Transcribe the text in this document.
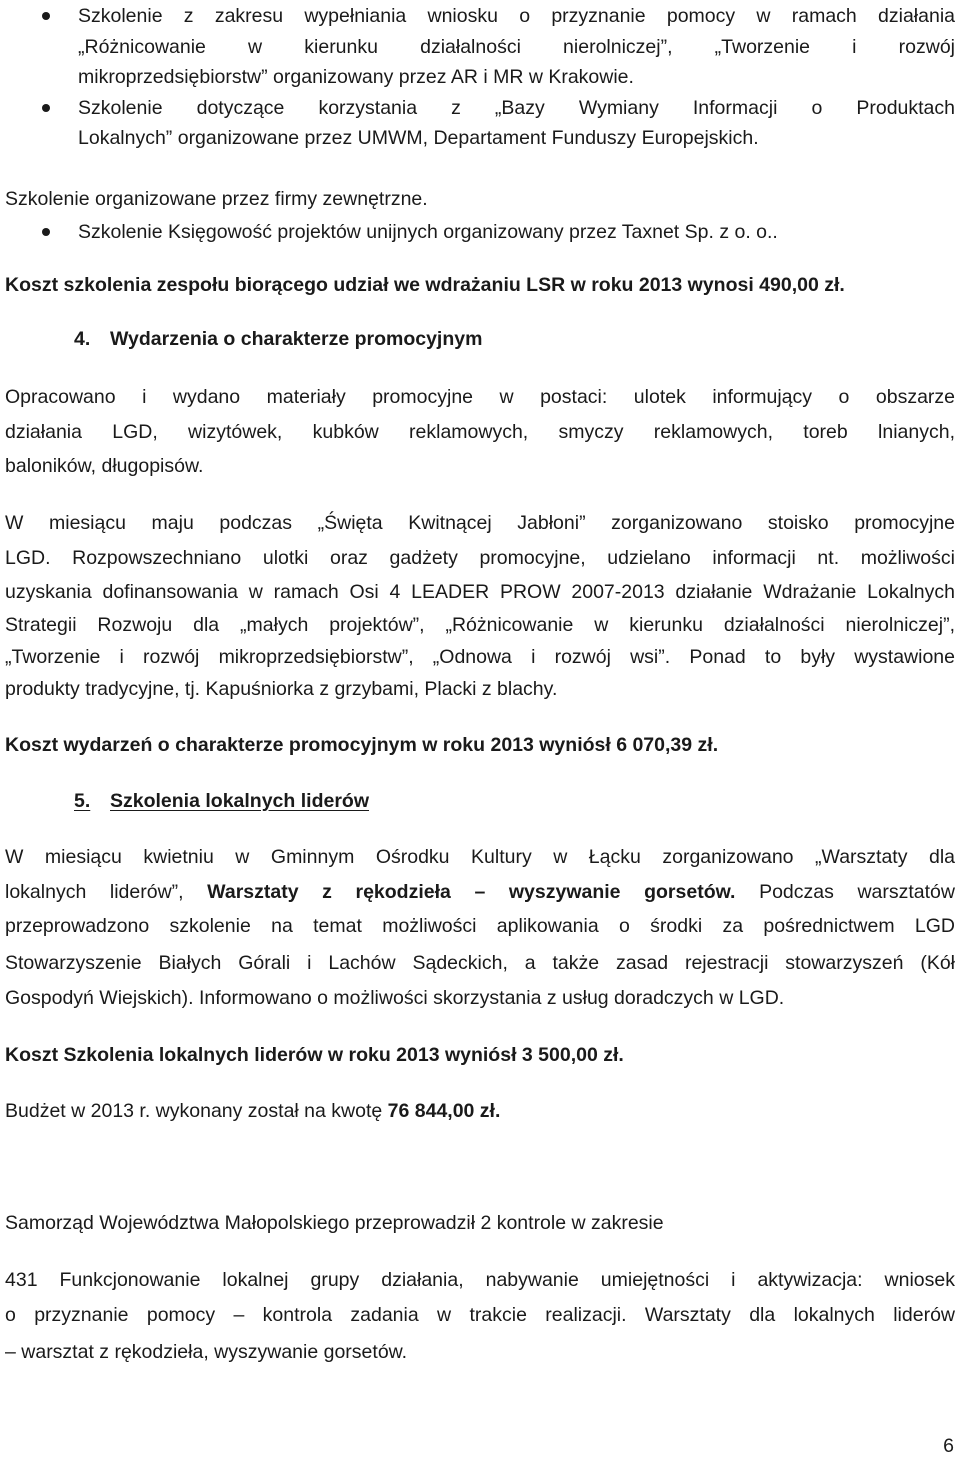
Szkolenie z zakresu wypełniania wniosku o przyznanie pomocy w ramach działania
„Różnicowanie w kierunku działalności nierolniczej”, „Tworzenie i rozwój
mikroprzedsiębiorstw” organizowany przez AR i MR w Krakowie.
Szkolenie dotyczące korzystania z „Bazy Wymiany Informacji o Produktach
Lokalnych” organizowane przez UMWM, Departament Funduszy Europejskich.
Szkolenie organizowane przez firmy zewnętrzne.
Szkolenie Księgowość projektów unijnych organizowany przez Taxnet Sp. z o. o..
Koszt szkolenia zespołu biorącego udział we wdrażaniu LSR w roku 2013 wynosi 490,00 zł.
4.	Wydarzenia o charakterze promocyjnym
Opracowano i wydano materiały promocyjne w postaci: ulotek informujący o obszarze
działania LGD, wizytówek, kubków reklamowych, smyczy reklamowych, toreb lnianych,
baloników, długopisów.
W miesiącu maju podczas „Święta Kwitnącej Jabłoni” zorganizowano stoisko promocyjne
LGD. Rozpowszechniano ulotki oraz gadżety promocyjne, udzielano informacji nt. możliwości
uzyskania dofinansowania w ramach Osi 4 LEADER PROW 2007-2013 działanie Wdrażanie Lokalnych
Strategii Rozwoju dla „małych projektów”, „Różnicowanie w kierunku działalności nierolniczej”,
„Tworzenie i rozwój mikroprzedsiębiorstw”, „Odnowa i rozwój wsi”. Ponad to były wystawione
produkty tradycyjne, tj. Kapuśniorka z grzybami, Placki z blachy.
Koszt wydarzeń o charakterze promocyjnym w roku 2013 wyniósł 6 070,39 zł.
5.	Szkolenia lokalnych liderów
W miesiącu kwietniu w Gminnym Ośrodku Kultury w Łącku zorganizowano „Warsztaty dla
lokalnych liderów”, Warsztaty z rękodzieła – wyszywanie gorsetów. Podczas warsztatów
przeprowadzono szkolenie na temat możliwości aplikowania o środki za pośrednictwem LGD
Stowarzyszenie Białych Górali i Lachów Sądeckich, a także zasad rejestracji stowarzyszeń (Kół
Gospodyń Wiejskich). Informowano o możliwości skorzystania z usług doradczych w LGD.
Koszt Szkolenia lokalnych liderów w roku 2013 wyniósł 3 500,00 zł.
Budżet w 2013 r. wykonany został na kwotę 76 844,00 zł.
Samorząd Województwa Małopolskiego przeprowadził 2 kontrole w zakresie
431 Funkcjonowanie lokalnej grupy działania, nabywanie umiejętności i aktywizacja: wniosek
o przyznanie pomocy – kontrola zadania w trakcie realizacji. Warsztaty dla lokalnych liderów
– warsztat z rękodzieła, wyszywanie gorsetów.
6
